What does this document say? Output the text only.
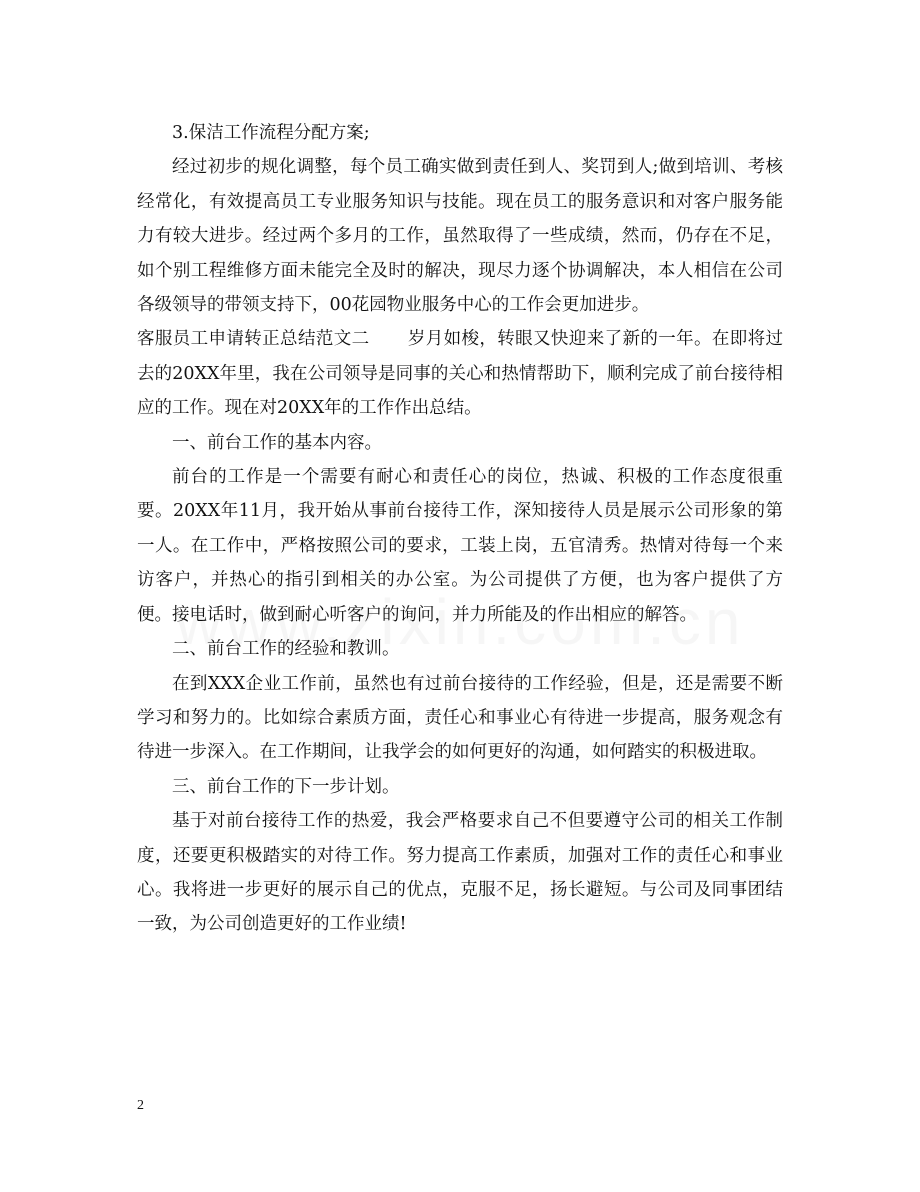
3.保洁工作流程分配方案;

经过初步的规化调整，每个员工确实做到责任到人、奖罚到人;做到培训、考核经常化，有效提高员工专业服务知识与技能。现在员工的服务意识和对客户服务能力有较大进步。经过两个多月的工作，虽然取得了一些成绩，然而，仍存在不足，如个别工程维修方面未能完全及时的解决，现尽力逐个协调解决，本人相信在公司各级领导的带领支持下，00花园物业服务中心的工作会更加进步。

客服员工申请转正总结范文二 岁月如梭，转眼又快迎来了新的一年。在即将过去的20XX年里，我在公司领导是同事的关心和热情帮助下，顺利完成了前台接待相应的工作。现在对20XX年的工作作出总结。

一、前台工作的基本内容。

前台的工作是一个需要有耐心和责任心的岗位，热诚、积极的工作态度很重要。20XX年11月，我开始从事前台接待工作，深知接待人员是展示公司形象的第一人。在工作中，严格按照公司的要求，工装上岗，五官清秀。热情对待每一个来访客户，并热心的指引到相关的办公室。为公司提供了方便，也为客户提供了方便。接电话时，做到耐心听客户的询问，并力所能及的作出相应的解答。

二、前台工作的经验和教训。

在到XXX企业工作前，虽然也有过前台接待的工作经验，但是，还是需要不断学习和努力的。比如综合素质方面，责任心和事业心有待进一步提高，服务观念有待进一步深入。在工作期间，让我学会的如何更好的沟通，如何踏实的积极进取。

三、前台工作的下一步计划。

基于对前台接待工作的热爱，我会严格要求自己不但要遵守公司的相关工作制度，还要更积极踏实的对待工作。努力提高工作素质，加强对工作的责任心和事业心。我将进一步更好的展示自己的优点，克服不足，扬长避短。与公司及同事团结一致，为公司创造更好的工作业绩!

2
